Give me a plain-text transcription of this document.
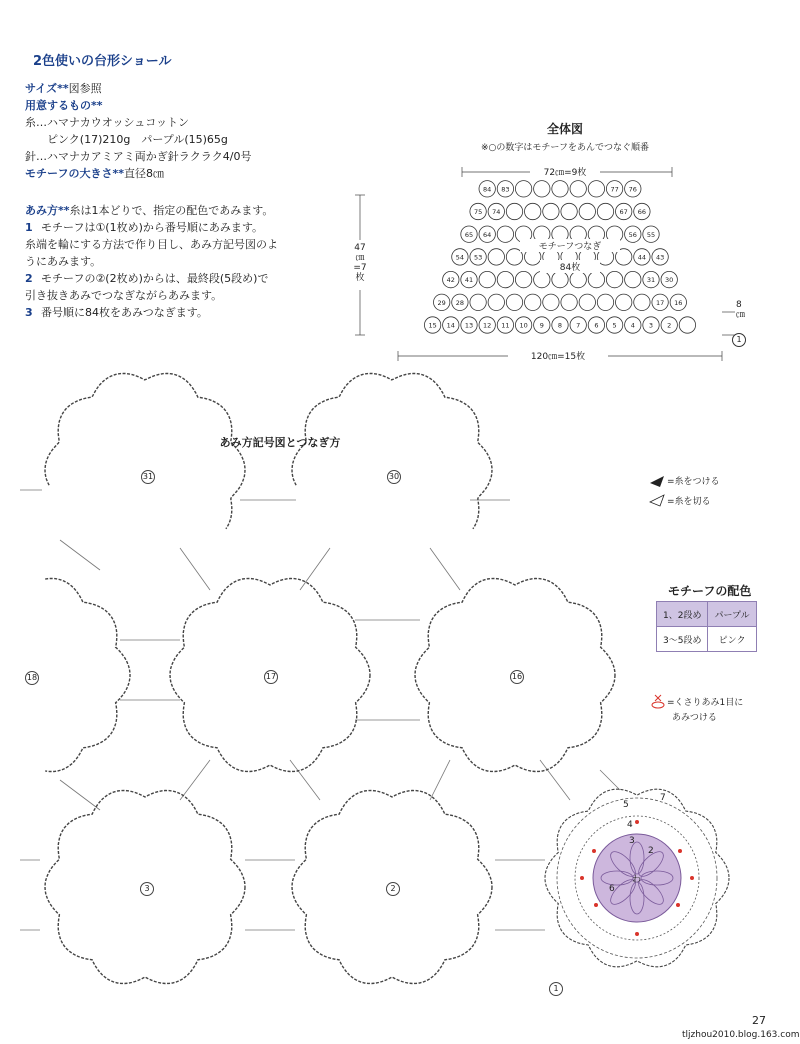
2色使いの台形ショール
サイズ**図参照
用意するもの**
糸…ハマナカウオッシュコットン
ピンク(17)210g　パープル(15)65g
針…ハマナカアミアミ両かぎ針ラクラク4/0号
モチーフの大きさ**直径8㎝
あみ方**糸は1本どりで、指定の配色であみます。
1 モチーフは①(1枚め)から番号順にあみます。
糸端を輪にする方法で作り目し、あみ方記号図のよ
うにあみます。
2 モチーフの②(2枚め)からは、最終段(5段め)で
引き抜きあみでつなぎながらあみます。
3 番号順に84枚をあみつなぎます。
全体図
※○の数字はモチーフをあんでつなぐ順番
84 83	77 76
75 74	67 66
65 64	56 55
54 53	44 43
42 41	31 30
29 28	17 16
15 14 13 12 11 10 9 8 7 6 5 4 3 2
72㎝=9枚
120㎝=15枚
47㎝=7枚
8㎝
モチーフつなぎ
84枚
1
あみ方記号図とつなぎ方
31	30
18	17	16
3	2
1
7
5
4
3
2
6
わ
=糸をつける
=糸を切る
=くさりあみ1目に
あみつける
モチーフの配色
1、2段め	パープル
3～5段め	ピンク
27
tljzhou2010.blog.163.com
